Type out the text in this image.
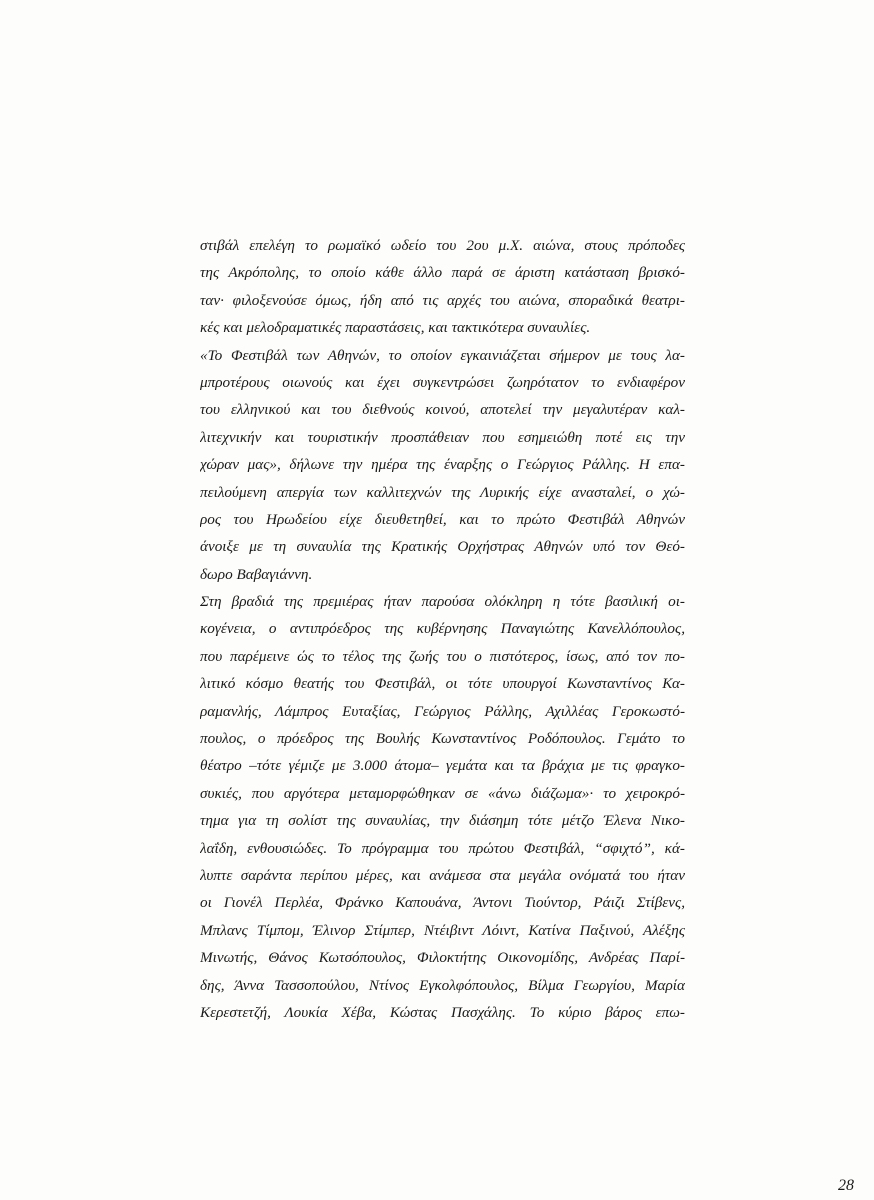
στιβάλ επελέγη το ρωμαϊκό ωδείο του 2ου μ.Χ. αιώνα, στους πρόποδες
της Ακρόπολης, το οποίο κάθε άλλο παρά σε άριστη κατάσταση βρισκό-
ταν· φιλοξενούσε όμως, ήδη από τις αρχές του αιώνα, σποραδικά θεατρι-
κές και μελοδραματικές παραστάσεις, και τακτικότερα συναυλίες.
«Το Φεστιβάλ των Αθηνών, το οποίον εγκαινιάζεται σήμερον με τους λα-
μπροτέρους οιωνούς και έχει συγκεντρώσει ζωηρότατον το ενδιαφέρον
του ελληνικού και του διεθνούς κοινού, αποτελεί την μεγαλυτέραν καλ-
λιτεχνικήν και τουριστικήν προσπάθειαν που εσημειώθη ποτέ εις την
χώραν μας», δήλωνε την ημέρα της έναρξης ο Γεώργιος Ράλλης. Η επα-
πειλούμενη απεργία των καλλιτεχνών της Λυρικής είχε ανασταλεί, ο χώ-
ρος του Ηρωδείου είχε διευθετηθεί, και το πρώτο Φεστιβάλ Αθηνών
άνοιξε με τη συναυλία της Κρατικής Ορχήστρας Αθηνών υπό τον Θεό-
δωρο Βαβαγιάννη.
Στη βραδιά της πρεμιέρας ήταν παρούσα ολόκληρη η τότε βασιλική οι-
κογένεια, ο αντιπρόεδρος της κυβέρνησης Παναγιώτης Κανελλόπουλος,
που παρέμεινε ώς το τέλος της ζωής του ο πιστότερος, ίσως, από τον πο-
λιτικό κόσμο θεατής του Φεστιβάλ, οι τότε υπουργοί Κωνσταντίνος Κα-
ραμανλής, Λάμπρος Ευταξίας, Γεώργιος Ράλλης, Αχιλλέας Γεροκωστό-
πουλος, ο πρόεδρος της Βουλής Κωνσταντίνος Ροδόπουλος. Γεμάτο το
θέατρο –τότε γέμιζε με 3.000 άτομα– γεμάτα και τα βράχια με τις φραγκο-
συκιές, που αργότερα μεταμορφώθηκαν σε «άνω διάζωμα»· το χειροκρό-
τημα για τη σολίστ της συναυλίας, την διάσημη τότε μέτζο Έλενα Νικο-
λαΐδη, ενθουσιώδες. Το πρόγραμμα του πρώτου Φεστιβάλ, “σφιχτό”, κά-
λυπτε σαράντα περίπου μέρες, και ανάμεσα στα μεγάλα ονόματά του ήταν
οι Γιονέλ Περλέα, Φράνκο Καπουάνα, Άντονι Τιούντορ, Ράιζι Στίβενς,
Μπλανς Τίμπομ, Έλινορ Στίμπερ, Ντέιβιντ Λόιντ, Κατίνα Παξινού, Αλέξης
Μινωτής, Θάνος Κωτσόπουλος, Φιλοκτήτης Οικονομίδης, Ανδρέας Παρί-
δης, Άννα Τασσοπούλου, Ντίνος Εγκολφόπουλος, Βίλμα Γεωργίου, Μαρία
Κερεστετζή, Λουκία Χέβα, Κώστας Πασχάλης. Το κύριο βάρος επω-
28
